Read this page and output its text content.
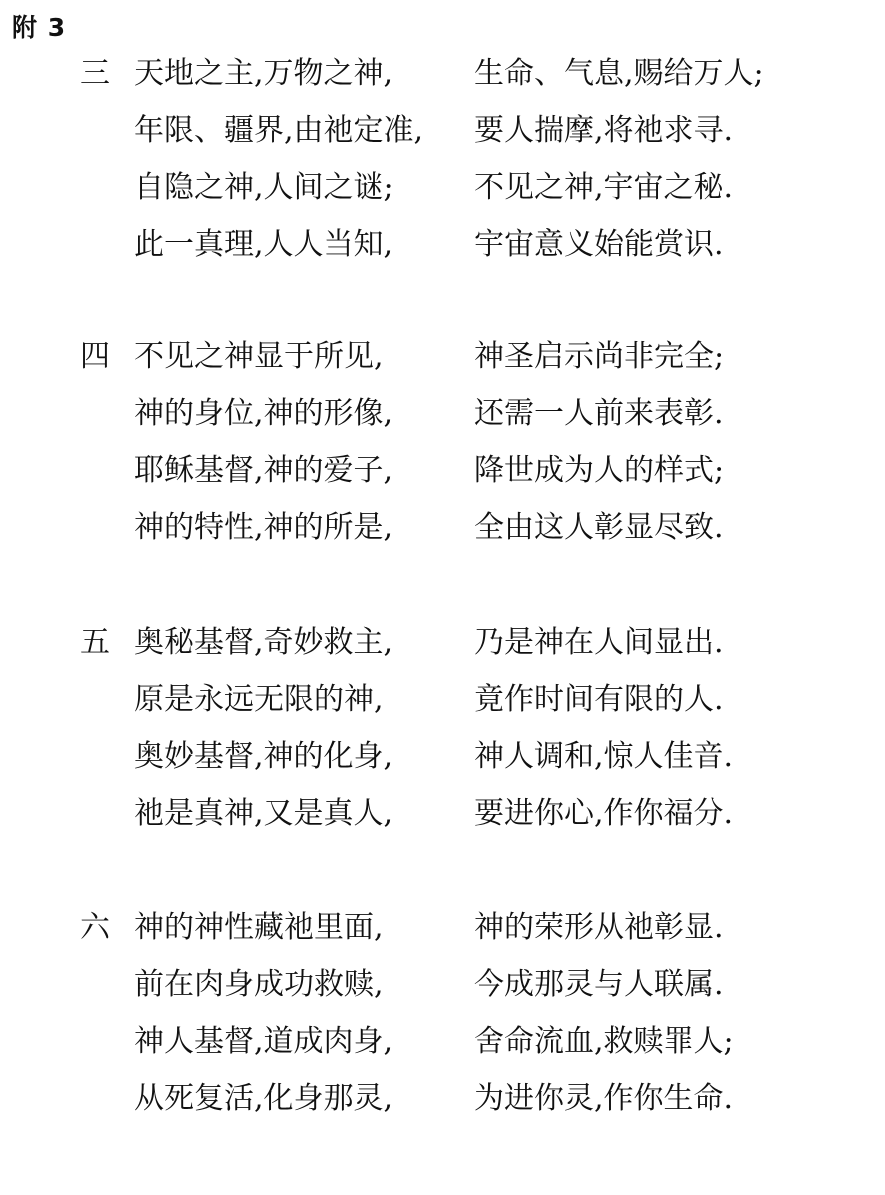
附 3
三 天地之主,万物之神,	生命、气息,赐给万人;
年限、疆界,由祂定准, 要人揣摩,将祂求寻.
自隐之神,人间之谜;	不见之神,宇宙之秘.
此一真理,人人当知,	宇宙意义始能赏识.
四 不见之神显于所见,	神圣启示尚非完全;
神的身位,神的形像,	还需一人前来表彰.
耶稣基督,神的爱子,	降世成为人的样式;
神的特性,神的所是,	全由这人彰显尽致.
五 奥秘基督,奇妙救主,	乃是神在人间显出.
原是永远无限的神,	竟作时间有限的人.
奥妙基督,神的化身,	神人调和,惊人佳音.
祂是真神,又是真人,	要进你心,作你福分.
六 神的神性藏祂里面,	神的荣形从祂彰显.
前在肉身成功救赎,	今成那灵与人联属.
神人基督,道成肉身,	舍命流血,救赎罪人;
从死复活,化身那灵,	为进你灵,作你生命.
